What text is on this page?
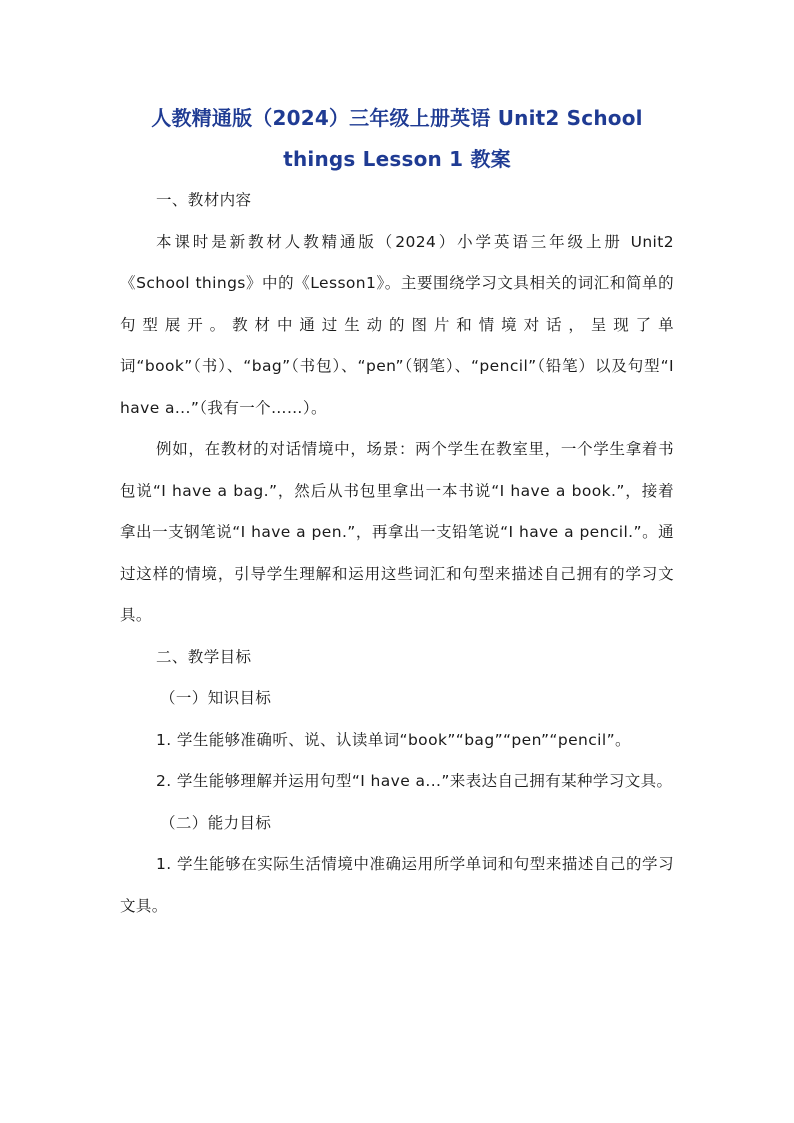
人教精通版（2024）三年级上册英语 Unit2 School things Lesson 1 教案

一、教材内容

本课时是新教材人教精通版（2024）小学英语三年级上册 Unit2《School things》中的《Lesson1》。主要围绕学习文具相关的词汇和简单的句型展开。教材中通过生动的图片和情境对话，呈现了单词“book”（书）、“bag”（书包）、“pen”（钢笔）、“pencil”（铅笔）以及句型“I have a...”（我有一个……）。

例如，在教材的对话情境中，场景：两个学生在教室里，一个学生拿着书包说“I have a bag.”，然后从书包里拿出一本书说“I have a book.”，接着拿出一支钢笔说“I have a pen.”，再拿出一支铅笔说“I have a pencil.”。通过这样的情境，引导学生理解和运用这些词汇和句型来描述自己拥有的学习文具。

二、教学目标

（一）知识目标

1. 学生能够准确听、说、认读单词“book”“bag”“pen”“pencil”。

2. 学生能够理解并运用句型“I have a...”来表达自己拥有某种学习文具。

（二）能力目标

1. 学生能够在实际生活情境中准确运用所学单词和句型来描述自己的学习文具。
